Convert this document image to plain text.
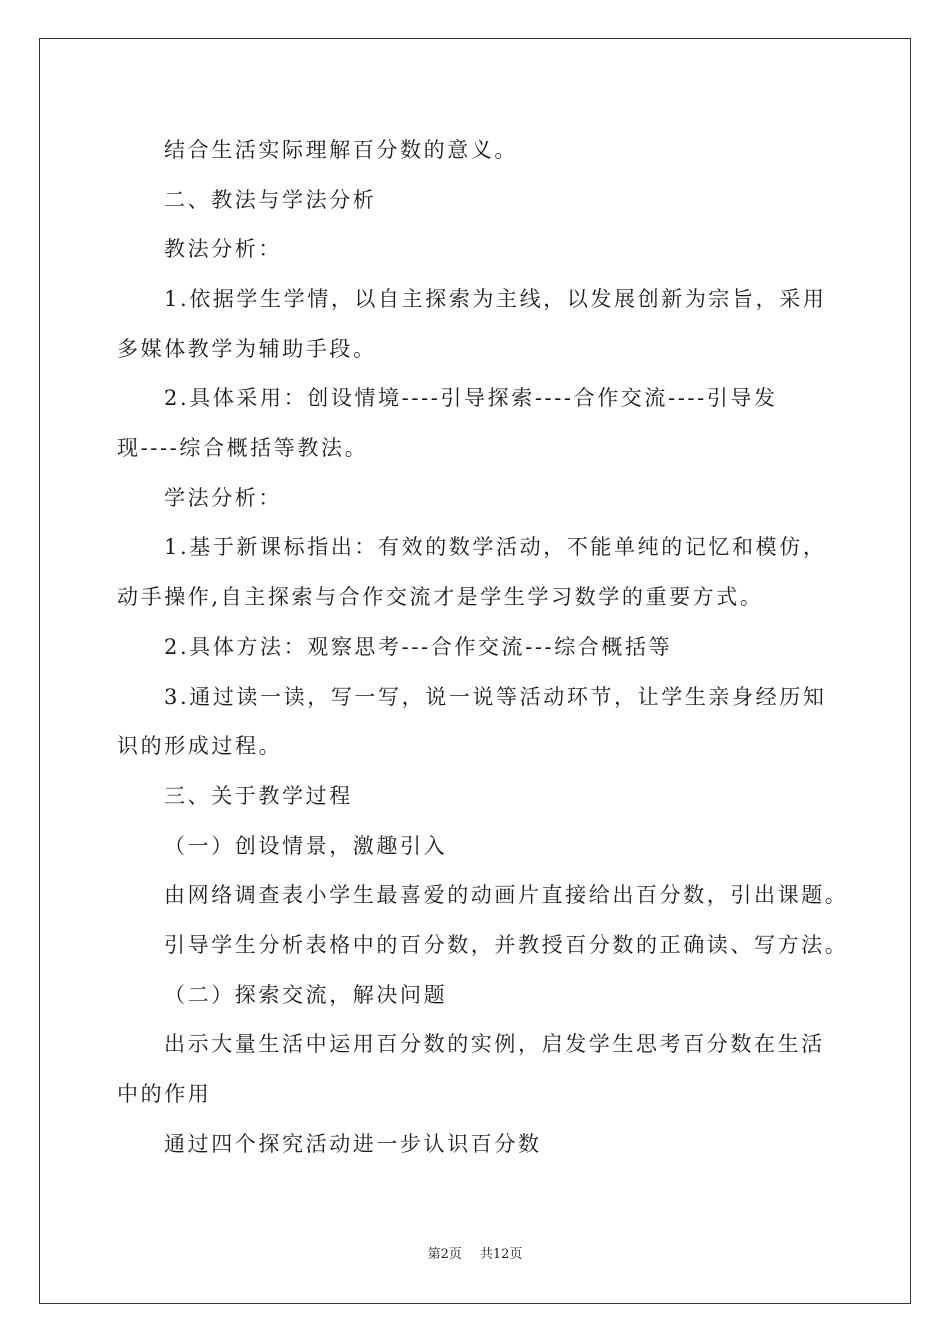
结合生活实际理解百分数的意义。
二、教法与学法分析
教法分析：
1.依据学生学情，以自主探索为主线，以发展创新为宗旨，采用
多媒体教学为辅助手段。
2.具体采用：创设情境----引导探索----合作交流----引导发
现----综合概括等教法。
学法分析：
1.基于新课标指出：有效的数学活动，不能单纯的记忆和模仿，
动手操作,自主探索与合作交流才是学生学习数学的重要方式。
2.具体方法：观察思考---合作交流---综合概括等
3.通过读一读，写一写，说一说等活动环节，让学生亲身经历知
识的形成过程。
三、关于教学过程
（一）创设情景，激趣引入
由网络调查表小学生最喜爱的动画片直接给出百分数，引出课题。
引导学生分析表格中的百分数，并教授百分数的正确读、写方法。
（二）探索交流，解决问题
出示大量生活中运用百分数的实例，启发学生思考百分数在生活
中的作用
通过四个探究活动进一步认识百分数
第2页 共12页
